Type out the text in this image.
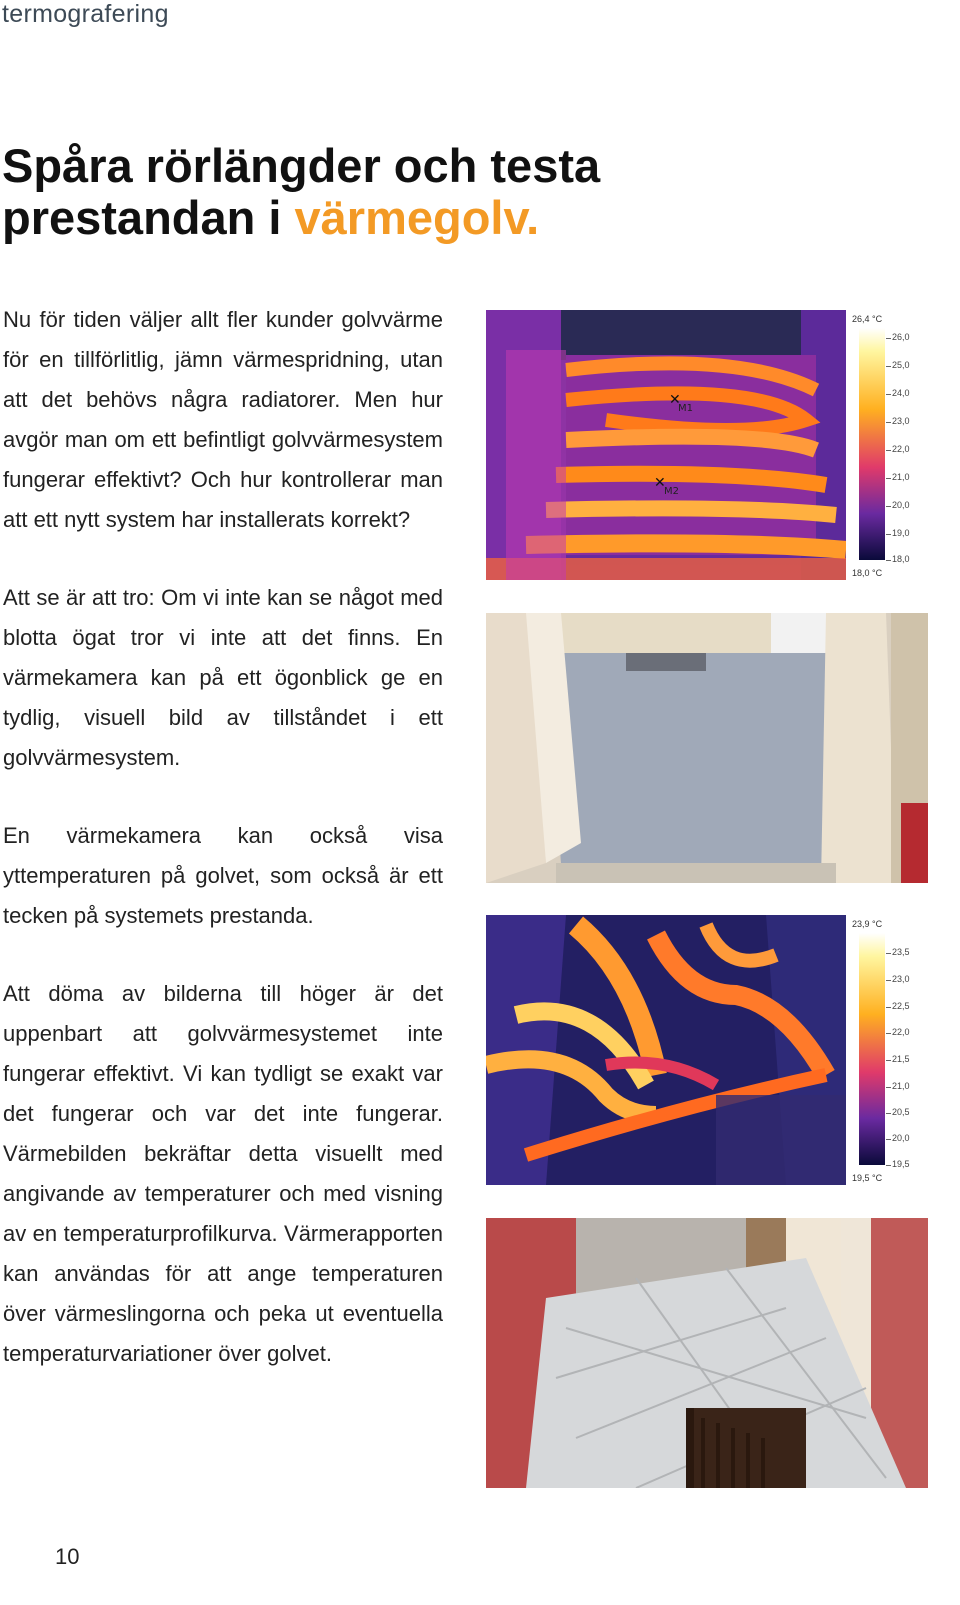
termografering
Spåra rörlängder och testa
prestandan i värmegolv.

Nu för tiden väljer allt fler kunder golvvärme för en tillförlitlig, jämn värmespridning, utan att det behövs några radiatorer. Men hur avgör man om ett befintligt golvvärmesystem fungerar effektivt? Och hur kontrollerar man att ett nytt system har installerats korrekt?

Att se är att tro: Om vi inte kan se något med blotta ögat tror vi inte att det finns. En värmekamera kan på ett ögonblick ge en tydlig, visuell bild av tillståndet i ett golvvärmesystem.

En värmekamera kan också visa yttemperaturen på golvet, som också är ett tecken på systemets prestanda.

Att döma av bilderna till höger är det uppenbart att golvvärmesystemet inte fungerar effektivt. Vi kan tydligt se exakt var det fungerar och var det inte fungerar. Värmebilden bekräftar detta visuellt med angivande av temperaturer och med visning av en temperaturprofilkurva. Värmerapporten kan användas för att ange temperaturen över värmeslingorna och peka ut eventuella temperaturvariationer över golvet.

✕
M1
✕
M2
26,4 °C
26,0
25,0
24,0
23,0
22,0
21,0
20,0
19,0
18,0
18,0 °C
23,9 °C
23,5
23,0
22,5
22,0
21,5
21,0
20,5
20,0
19,5
19,5 °C
10
